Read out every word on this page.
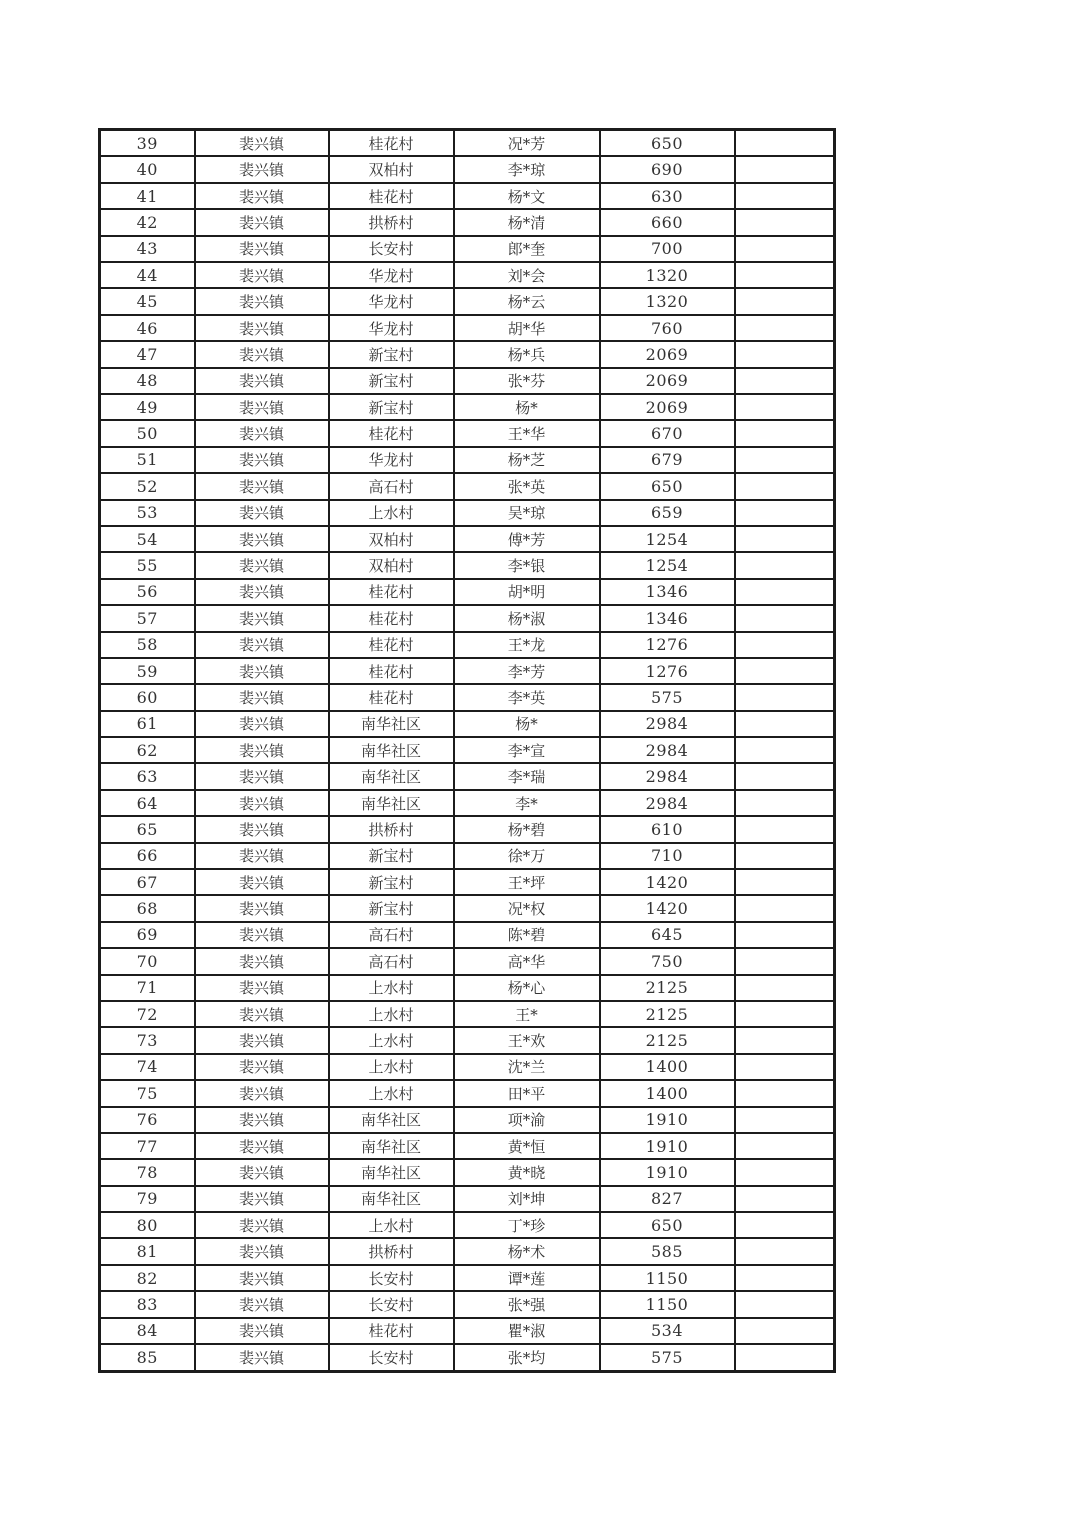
39	裴兴镇	桂花村	况*芳	650	
40	裴兴镇	双柏村	李*琼	690	
41	裴兴镇	桂花村	杨*文	630	
42	裴兴镇	拱桥村	杨*清	660	
43	裴兴镇	长安村	郎*奎	700	
44	裴兴镇	华龙村	刘*会	1320	
45	裴兴镇	华龙村	杨*云	1320	
46	裴兴镇	华龙村	胡*华	760	
47	裴兴镇	新宝村	杨*兵	2069	
48	裴兴镇	新宝村	张*芬	2069	
49	裴兴镇	新宝村	杨*	2069	
50	裴兴镇	桂花村	王*华	670	
51	裴兴镇	华龙村	杨*芝	679	
52	裴兴镇	高石村	张*英	650	
53	裴兴镇	上水村	吴*琼	659	
54	裴兴镇	双柏村	傅*芳	1254	
55	裴兴镇	双柏村	李*银	1254	
56	裴兴镇	桂花村	胡*明	1346	
57	裴兴镇	桂花村	杨*淑	1346	
58	裴兴镇	桂花村	王*龙	1276	
59	裴兴镇	桂花村	李*芳	1276	
60	裴兴镇	桂花村	李*英	575	
61	裴兴镇	南华社区	杨*	2984	
62	裴兴镇	南华社区	李*宣	2984	
63	裴兴镇	南华社区	李*瑞	2984	
64	裴兴镇	南华社区	李*	2984	
65	裴兴镇	拱桥村	杨*碧	610	
66	裴兴镇	新宝村	徐*万	710	
67	裴兴镇	新宝村	王*坪	1420	
68	裴兴镇	新宝村	况*权	1420	
69	裴兴镇	高石村	陈*碧	645	
70	裴兴镇	高石村	高*华	750	
71	裴兴镇	上水村	杨*心	2125	
72	裴兴镇	上水村	王*	2125	
73	裴兴镇	上水村	王*欢	2125	
74	裴兴镇	上水村	沈*兰	1400	
75	裴兴镇	上水村	田*平	1400	
76	裴兴镇	南华社区	项*渝	1910	
77	裴兴镇	南华社区	黄*恒	1910	
78	裴兴镇	南华社区	黄*晓	1910	
79	裴兴镇	南华社区	刘*坤	827	
80	裴兴镇	上水村	丁*珍	650	
81	裴兴镇	拱桥村	杨*术	585	
82	裴兴镇	长安村	谭*莲	1150	
83	裴兴镇	长安村	张*强	1150	
84	裴兴镇	桂花村	瞿*淑	534	
85	裴兴镇	长安村	张*均	575	
